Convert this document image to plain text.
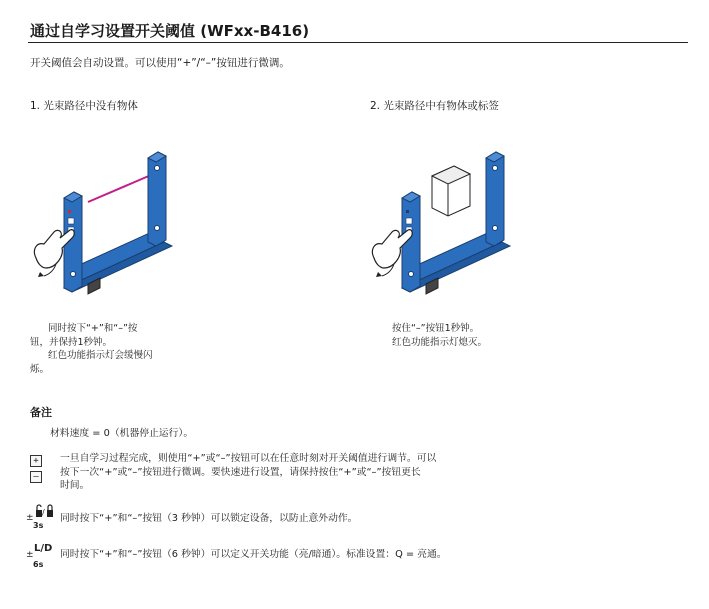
通过自学习设置开关阈值 (WFxx-B416)
开关阈值会自动设置。可以使用“+”/“–”按钮进行微调。
1. 光束路径中没有物体
同时按下“+”和“–”按
钮，并保持1秒钟。
红色功能指示灯会缓慢闪
烁。
2. 光束路径中有物体或标签
按住“–”按钮1秒钟。
红色功能指示灯熄灭。
备注
材料速度 = 0（机器停止运行）。
+
–
一旦自学习过程完成，则使用“+”或“–”按钮可以在任意时刻对开关阈值进行调节。可以
按下一次“+”或“–”按钮进行微调。要快速进行设置，请保持按住“+”或“–”按钮更长
时间。
±
/
3s
同时按下“+”和“–”按钮（3 秒钟）可以锁定设备，以防止意外动作。
±
L/D
6s
同时按下“+”和“–”按钮（6 秒钟）可以定义开关功能（亮/暗通）。标准设置：Q = 亮通。
